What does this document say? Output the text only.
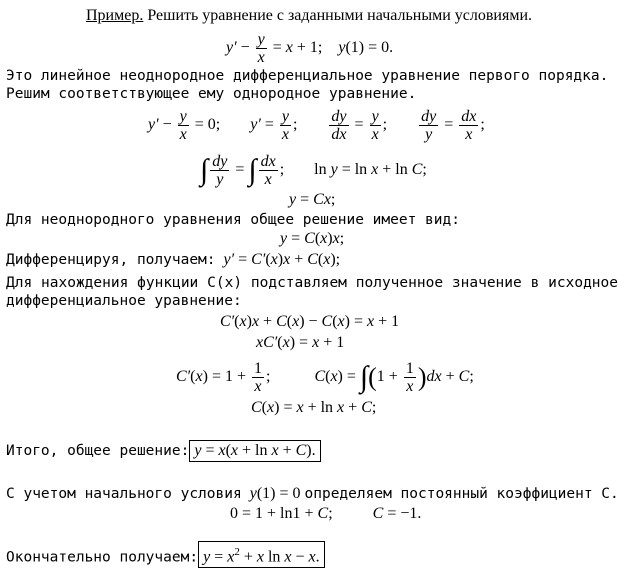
Пример. Решить уравнение с заданными начальными условиями.
$y' - \frac{y}{x} = x + 1$;    y(1) = 0.
Это линейное неоднородное дифференциальное уравнение первого порядка.
Решим соответствующее ему однородное уравнение.
$y' - \frac{y}{x} = 0$; $y' = \frac{y}{x}$ ; $\frac{dy}{dx} = \frac{y}{x}$ ; $\frac{dy}{y} = \frac{dx}{x}$ ;
∫ $\frac{dy}{y}$ = ∫ $\frac{dx}{x}$ ; ln y = ln x + ln C;
y = Cx;
Для неоднородного уравнения общее решение имеет вид:
y = C(x)x;
Дифференцируя, получаем: y′ = C′(x)x + C(x);
Для нахождения функции C(x) подставляем полученное значение в исходное
дифференциальное уравнение:
C′(x)x + C(x) − C(x) = x + 1
xC′(x) = x + 1
$C'(x) = 1 + \frac{1}{x}$ ;	$C(x) = \int(1 + \frac{1}{x} )dx + C$;
C(x) = x + ln x + C;
Итого, общее решение: y = x(x + ln x + C).
С учетом начального условия y(1) = 0 определяем постоянный коэффициент С.
0 = 1 + ln1 + C;	C = −1.
Окончательно получаем: $y = x^2 + x$ ln x − x.
